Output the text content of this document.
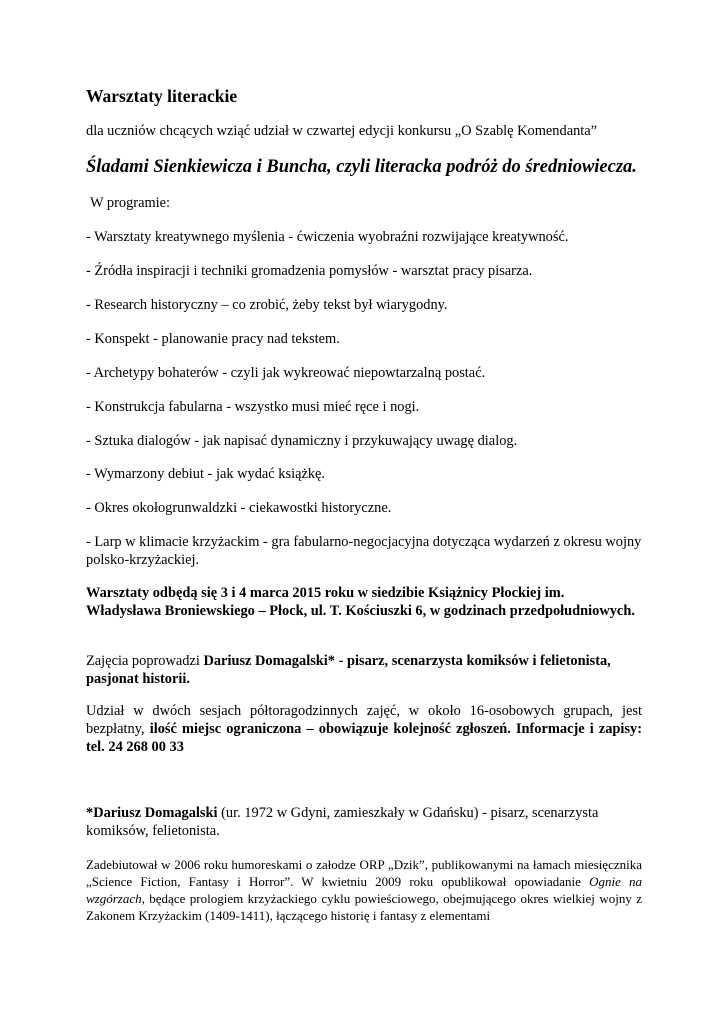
Warsztaty literackie
dla uczniów chcących wziąć udział w czwartej edycji konkursu „O Szablę Komendanta”
Śladami Sienkiewicza i Buncha, czyli literacka podróż do średniowiecza.
W programie:
- Warsztaty kreatywnego myślenia - ćwiczenia wyobraźni rozwijające kreatywność.
- Źródła inspiracji i techniki gromadzenia pomysłów - warsztat pracy pisarza.
- Research historyczny – co zrobić, żeby tekst był wiarygodny.
- Konspekt - planowanie pracy nad tekstem.
- Archetypy bohaterów - czyli jak wykreować niepowtarzalną postać.
- Konstrukcja fabularna - wszystko musi mieć ręce i nogi.
- Sztuka dialogów - jak napisać dynamiczny i przykuwający uwagę dialog.
- Wymarzony debiut - jak wydać książkę.
- Okres okołogrunwaldzki - ciekawostki historyczne.
- Larp w klimacie krzyżackim - gra fabularno-negocjacyjna dotycząca wydarzeń z okresu wojny polsko-krzyżackiej.
Warsztaty odbędą się 3 i 4 marca 2015 roku w siedzibie Książnicy Płockiej im. Władysława Broniewskiego – Płock, ul. T. Kościuszki 6, w godzinach przedpołudniowych.
Zajęcia poprowadzi Dariusz Domagalski* - pisarz, scenarzysta komiksów i felietonista, pasjonat historii.
Udział w dwóch sesjach półtoragodzinnych zajęć, w około 16-osobowych grupach, jest bezpłatny, ilość miejsc ograniczona – obowiązuje kolejność zgłoszeń. Informacje i zapisy: tel. 24 268 00 33
*Dariusz Domagalski (ur. 1972 w Gdyni, zamieszkały w Gdańsku) - pisarz, scenarzysta komiksów, felietonista.
Zadebiutował w 2006 roku humoreskami o załodze ORP „Dzik”, publikowanymi na łamach miesięcznika „Science Fiction, Fantasy i Horror”. W kwietniu 2009 roku opublikował opowiadanie Ognie na wzgórzach, będące prologiem krzyżackiego cyklu powieściowego, obejmującego okres wielkiej wojny z Zakonem Krzyżackim (1409-1411), łączącego historię i fantasy z elementami
